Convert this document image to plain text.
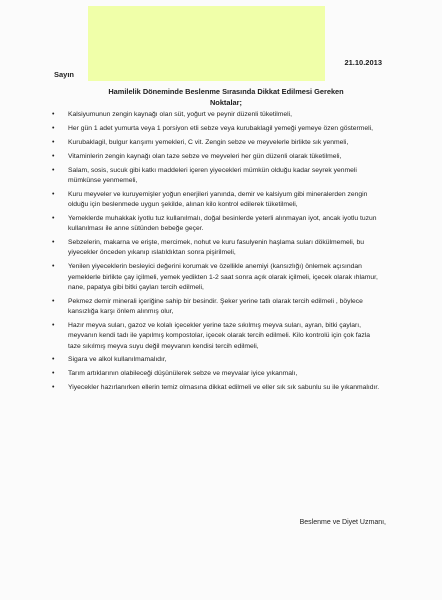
21.10.2013
Sayın
Hamilelik Döneminde Beslenme Sırasında Dikkat Edilmesi Gereken Noktalar;
• Kalsiyumunun zengin kaynağı olan süt, yoğurt ve peynir düzenli tüketilmeli,
• Her gün 1 adet yumurta veya 1 porsiyon etli sebze veya kurubaklagil yemeği yemeye özen göstermeli,
• Kurubaklagil, bulgur karışımı yemekleri, C vit. Zengin sebze ve meyvelerle birlikte sık yenmeli,
• Vitaminlerin zengin kaynağı olan taze sebze ve meyveleri her gün düzenli olarak tüketilmeli,
• Salam, sosis, sucuk gibi katkı maddeleri içeren yiyecekleri mümkün olduğu kadar seyrek yenmeli mümkünse yenmemeli,
• Kuru meyveler ve kuruyemişler yoğun enerjileri yanında, demir ve kalsiyum gibi mineralerden zengin olduğu için beslenmede uygun şekilde, alınan kilo kontrol edilerek tüketilmeli,
• Yemeklerde muhakkak iyotlu tuz kullanılmalı, doğal besinlerde yeterli alınmayan iyot, ancak iyotlu tuzun kullanılması ile anne sütünden bebeğe geçer.
• Sebzelerin, makarna ve erişte, mercimek, nohut ve kuru fasulyenin haşlama suları dökülmemeli, bu yiyecekler önceden yıkanıp ıslatıldıktan sonra pişirilmeli,
• Yenilen yiyeceklerin besleyici değerini korumak ve özellikle anemiyi (kansızlığı) önlemek açısından yemeklerle birlikte çay içilmeli, yemek yedikten 1-2 saat sonra açık olarak içilmeli, içecek olarak ıhlamur, nane, papatya gibi bitki çayları tercih edilmeli,
• Pekmez demir minerali içeriğine sahip bir besindir. Şeker yerine tatlı olarak tercih edilmeli , böylece kansızlığa karşı önlem alınmış olur,
• Hazır meyva suları, gazoz ve kolalı içecekler yerine taze sıkılmış meyva suları, ayran, bitki çayları, meyvanın kendi tadı ile yapılmış kompostolar, içecek olarak tercih edilmeli. Kilo kontrolü için çok fazla taze sıkılmış meyva suyu değil meyvanın kendisi tercih edilmeli,
• Sigara ve alkol kullanılmamalıdır,
• Tarım artıklarının olabileceği düşünülerek sebze ve meyvalar iyice yıkanmalı,
• Yiyecekler hazırlanırken ellerin temiz olmasına dikkat edilmeli ve eller sık sık sabunlu su ile yıkanmalıdır.
Beslenme ve Diyet Uzmanı,
